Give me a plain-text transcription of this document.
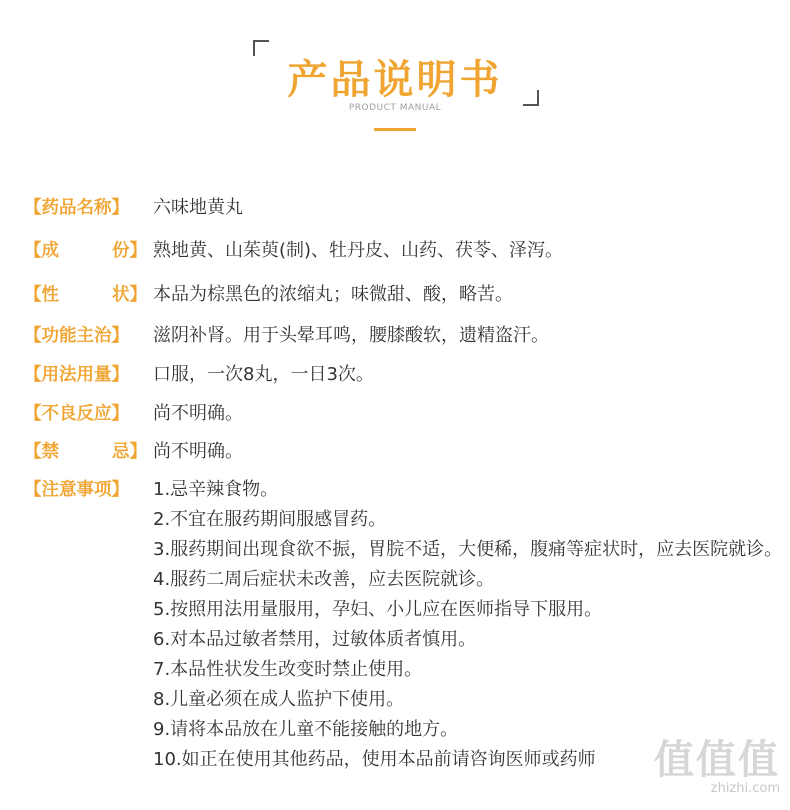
产品说明书
PRODUCT MANUAL
【药品名称】	六味地黄丸
【成 份】 熟地黄、山茱萸(制)、牡丹皮、山药、茯苓、泽泻。
【性 状】 本品为棕黑色的浓缩丸；味微甜、酸，略苦。
【功能主治】	滋阴补肾。用于头晕耳鸣，腰膝酸软，遗精盗汗。
【用法用量】	口服，一次8丸，一日3次。
【不良反应】	尚不明确。
【禁 忌】 尚不明确。
【注意事项】	1.忌辛辣食物。
2.不宜在服药期间服感冒药。
3.服药期间出现食欲不振，胃脘不适，大便稀，腹痛等症状时，应去医院就诊。
4.服药二周后症状未改善，应去医院就诊。
5.按照用法用量服用，孕妇、小儿应在医师指导下服用。
6.对本品过敏者禁用，过敏体质者慎用。
7.本品性状发生改变时禁止使用。
8.儿童必须在成人监护下使用。
9.请将本品放在儿童不能接触的地方。
10.如正在使用其他药品，使用本品前请咨询医师或药师	值值值
zhizhi.com
